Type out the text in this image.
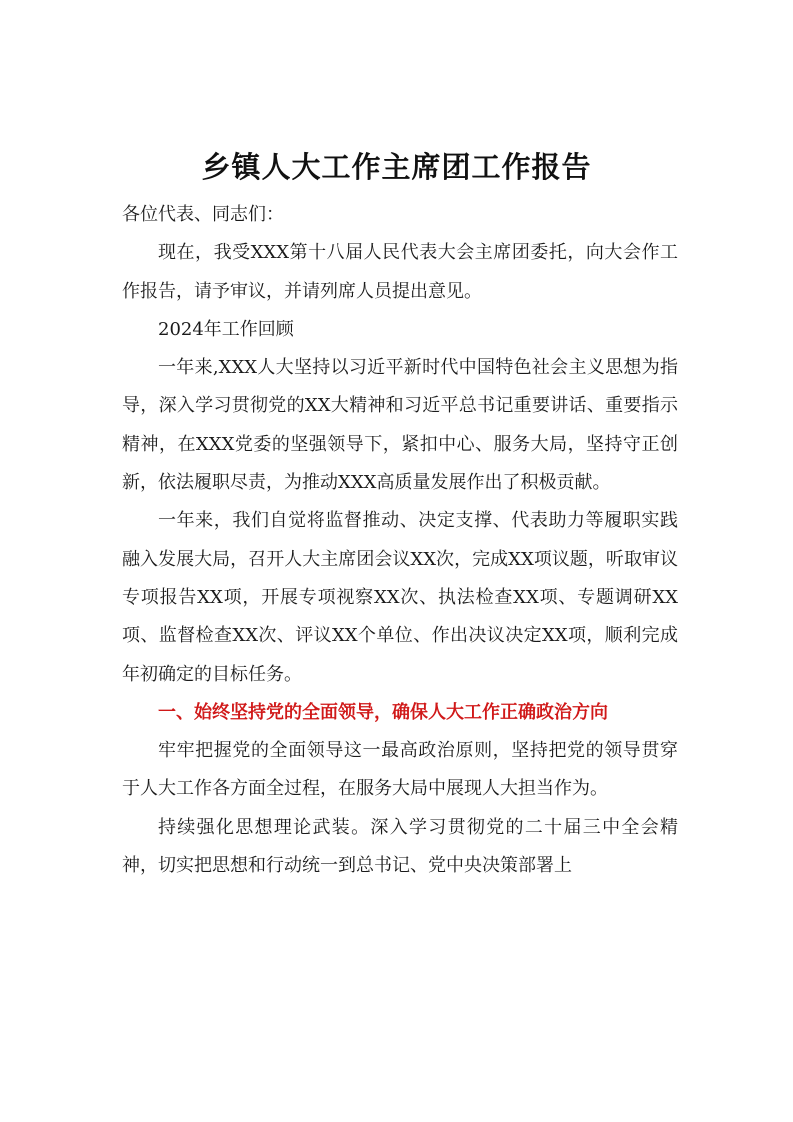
乡镇人大工作主席团工作报告

各位代表、同志们：

现在，我受XXX第十八届人民代表大会主席团委托，向大会作工作报告，请予审议，并请列席人员提出意见。

2024年工作回顾

一年来,XXX人大坚持以习近平新时代中国特色社会主义思想为指导，深入学习贯彻党的XX大精神和习近平总书记重要讲话、重要指示精神，在XXX党委的坚强领导下，紧扣中心、服务大局，坚持守正创新，依法履职尽责，为推动XXX高质量发展作出了积极贡献。

一年来，我们自觉将监督推动、决定支撑、代表助力等履职实践融入发展大局，召开人大主席团会议XX次，完成XX项议题，听取审议专项报告XX项，开展专项视察XX次、执法检查XX项、专题调研XX项、监督检查XX次、评议XX个单位、作出决议决定XX项，顺利完成年初确定的目标任务。

一、始终坚持党的全面领导，确保人大工作正确政治方向

牢牢把握党的全面领导这一最高政治原则，坚持把党的领导贯穿于人大工作各方面全过程，在服务大局中展现人大担当作为。

持续强化思想理论武装。深入学习贯彻党的二十届三中全会精神，切实把思想和行动统一到总书记、党中央决策部署上
